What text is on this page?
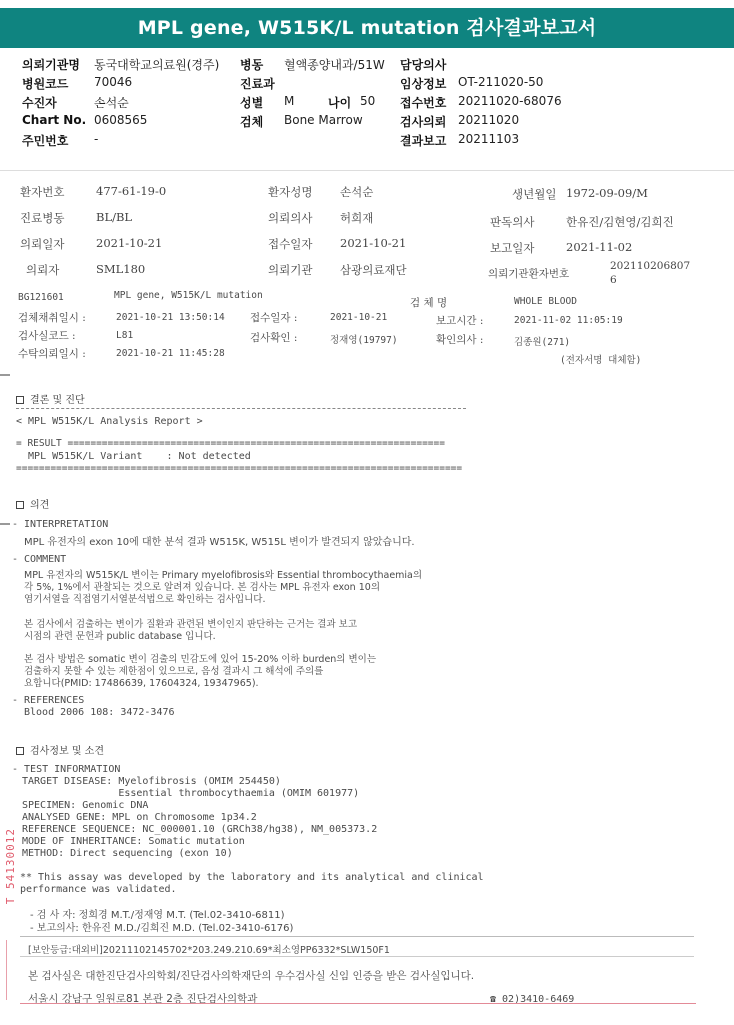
MPL gene, W515K/L mutation 검사결과보고서
의뢰기관명 동국대학교의료원(경주) 병동 혈액종양내과/51W 담당의사
병원코드 70046	진료과	임상정보 OT-211020-50
수진자	손석순	성별 M	나이 50 접수번호 20211020-68076
Chart No. 0608565	검체 Bone Marrow	검사의뢰 20211020
주민번호 -	결과보고 20211103
환자번호	477-61-19-0	환자성명 손석순	생년월일 1972-09-09/M
진료병동	BL/BL	의뢰의사 허희재	판독의사	한유진/김현영/김희진
의뢰일자	2021-10-21	접수일자 2021-10-21	보고일자	2021-11-02
의뢰자	SML180	의뢰기관 삼광의료재단	의뢰기관환자번호
202110206807
6
BG121601	MPL gene, W515K/L mutation
검 체 명	WHOLE BLOOD
검체채취일시 :	2021-10-21 13:50:14 접수일자 :	2021-10-21	보고시간 :	2021-11-02 11:05:19
검사실코드 :	L81	검사확인 :	정재영(19797)	확인의사 :	김종원(271)
수탁의뢰일시 :	2021-10-21 11:45:28
(전자서명 대체함)
결론 및 진단
< MPL W515K/L Analysis Report >
= RESULT ==================================================================
MPL W515K/L Variant    : Not detected
==============================================================================
의견
- INTERPRETATION
MPL 유전자의 exon 10에 대한 분석 결과 W515K, W515L 변이가 발견되지 않았습니다.
- COMMENT
MPL 유전자의 W515K/L 변이는 Primary myelofibrosis와 Essential thrombocythaemia의
각 5%, 1%에서 관찰되는 것으로 알려져 있습니다. 본 검사는 MPL 유전자 exon 10의
염기서열을 직접염기서열분석법으로 확인하는 검사입니다.
본 검사에서 검출하는 변이가 질환과 관련된 변이인지 판단하는 근거는 결과 보고
시점의 관련 문헌과 public database 입니다.
본 검사 방법은 somatic 변이 검출의 민감도에 있어 15-20% 이하 burden의 변이는
검출하지 못할 수 있는 제한점이 있으므로, 음성 결과시 그 해석에 주의를
요합니다(PMID: 17486639, 17604324, 19347965).
- REFERENCES
Blood 2006 108: 3472-3476
검사정보 및 소견
- TEST INFORMATION
TARGET DISEASE: Myelofibrosis (OMIM 254450)
Essential thrombocythaemia (OMIM 601977)
SPECIMEN: Genomic DNA
ANALYSED GENE: MPL on Chromosome 1p34.2
REFERENCE SEQUENCE: NC_000001.10 (GRCh38/hg38), NM_005373.2
MODE OF INHERITANCE: Somatic mutation
METHOD: Direct sequencing (exon 10)
** This assay was developed by the laboratory and its analytical and clinical
performance was validated.
- 검 사 자: 정희경 M.T./정재영 M.T. (Tel.02-3410-6811)
- 보고의사: 한유진 M.D./김희진 M.D. (Tel.02-3410-6176)
[보안등급:대외비]20211102145702*203.249.210.69*최소영PP6332*SLW150F1
본 검사실은 대한진단검사의학회/진단검사의학재단의 우수검사실 신임 인증을 받은 검사실입니다.
서울시 강남구 일원로81 본관 2층 진단검사의학과	☎ 02)3410-6469
T 54130012
